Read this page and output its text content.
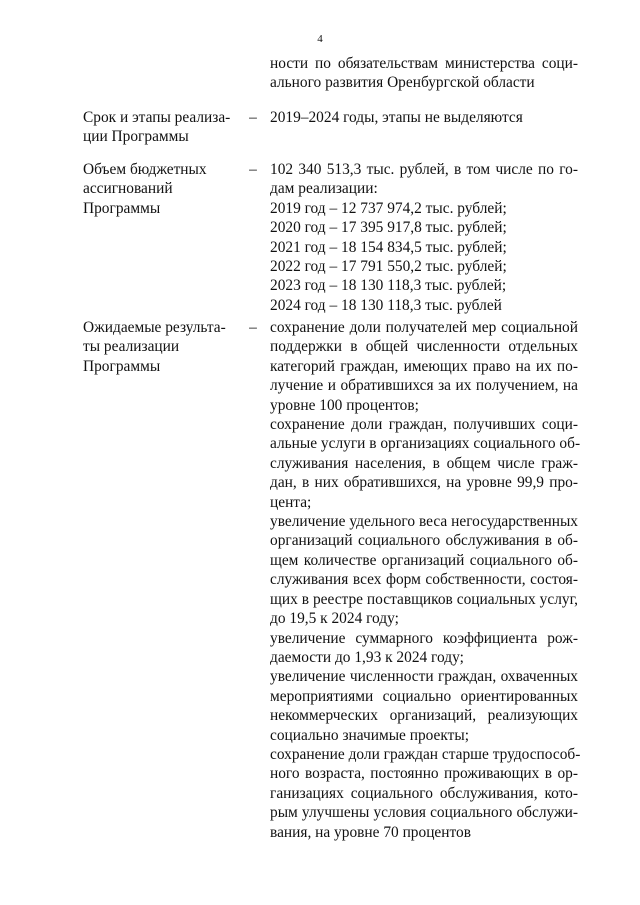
4
ности по обязательствам министерства соци-
ального развития Оренбургской области
Срок и этапы реализа-
ции Программы
– 2019–2024 годы, этапы не выделяются
Объем бюджетных
ассигнований
Программы
– 102 340 513,3 тыс. рублей, в том числе по го-
дам реализации:
2019 год – 12 737 974,2 тыс. рублей;
2020 год – 17 395 917,8 тыс. рублей;
2021 год – 18 154 834,5 тыс. рублей;
2022 год – 17 791 550,2 тыс. рублей;
2023 год – 18 130 118,3 тыс. рублей;
2024 год – 18 130 118,3 тыс. рублей
Ожидаемые результа-
ты реализации
Программы
– сохранение доли получателей мер социальной
поддержки в общей численности отдельных
категорий граждан, имеющих право на их по-
лучение и обратившихся за их получением, на
уровне 100 процентов;
сохранение доли граждан, получивших соци-
альные услуги в организациях социального об-
служивания населения, в общем числе граж-
дан, в них обратившихся, на уровне 99,9 про-
цента;
увеличение удельного веса негосударственных
организаций социального обслуживания в об-
щем количестве организаций социального об-
служивания всех форм собственности, состоя-
щих в реестре поставщиков социальных услуг,
до 19,5 к 2024 году;
увеличение суммарного коэффициента рож-
даемости до 1,93 к 2024 году;
увеличение численности граждан, охваченных
мероприятиями социально ориентированных
некоммерческих организаций, реализующих
социально значимые проекты;
сохранение доли граждан старше трудоспособ-
ного возраста, постоянно проживающих в ор-
ганизациях социального обслуживания, кото-
рым улучшены условия социального обслужи-
вания, на уровне 70 процентов
